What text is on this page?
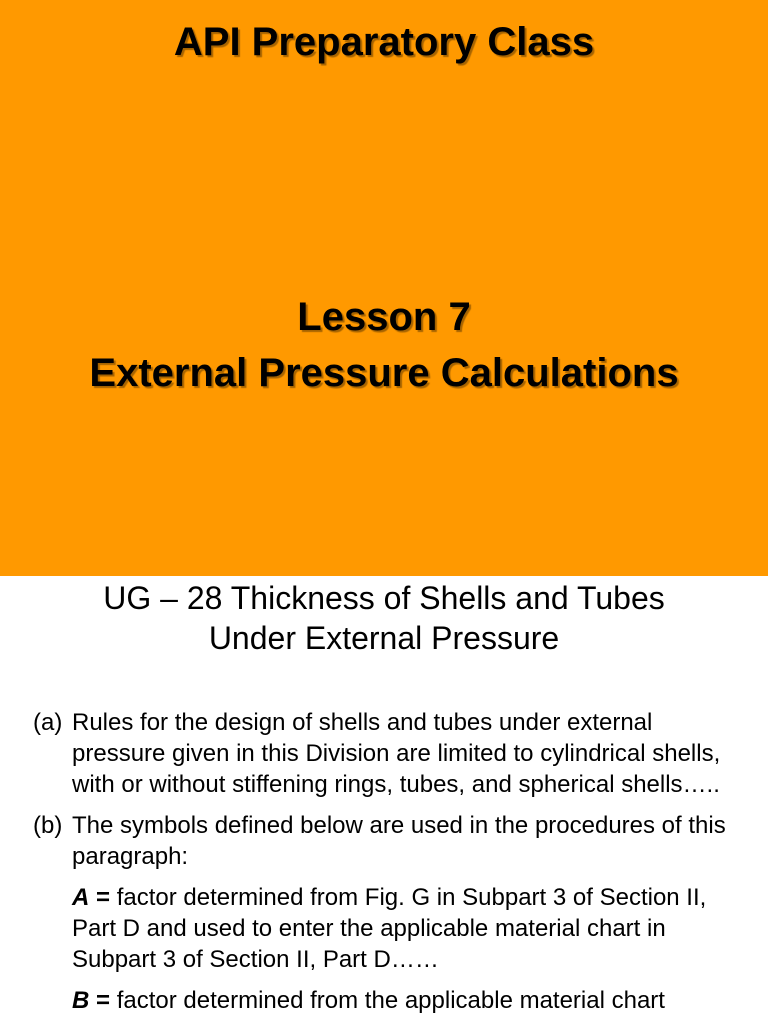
API Preparatory Class
Lesson 7
External Pressure Calculations
UG – 28 Thickness of Shells and Tubes
Under External Pressure
(a) Rules for the design of shells and tubes under external pressure given in this Division are limited to cylindrical shells, with or without stiffening rings, tubes, and spherical shells…..
(b) The symbols defined below are used in the procedures of this paragraph:
A = factor determined from Fig. G in Subpart 3 of Section II, Part D and used to enter the applicable material chart in Subpart 3 of Section II, Part D……
B = factor determined from the applicable material chart
